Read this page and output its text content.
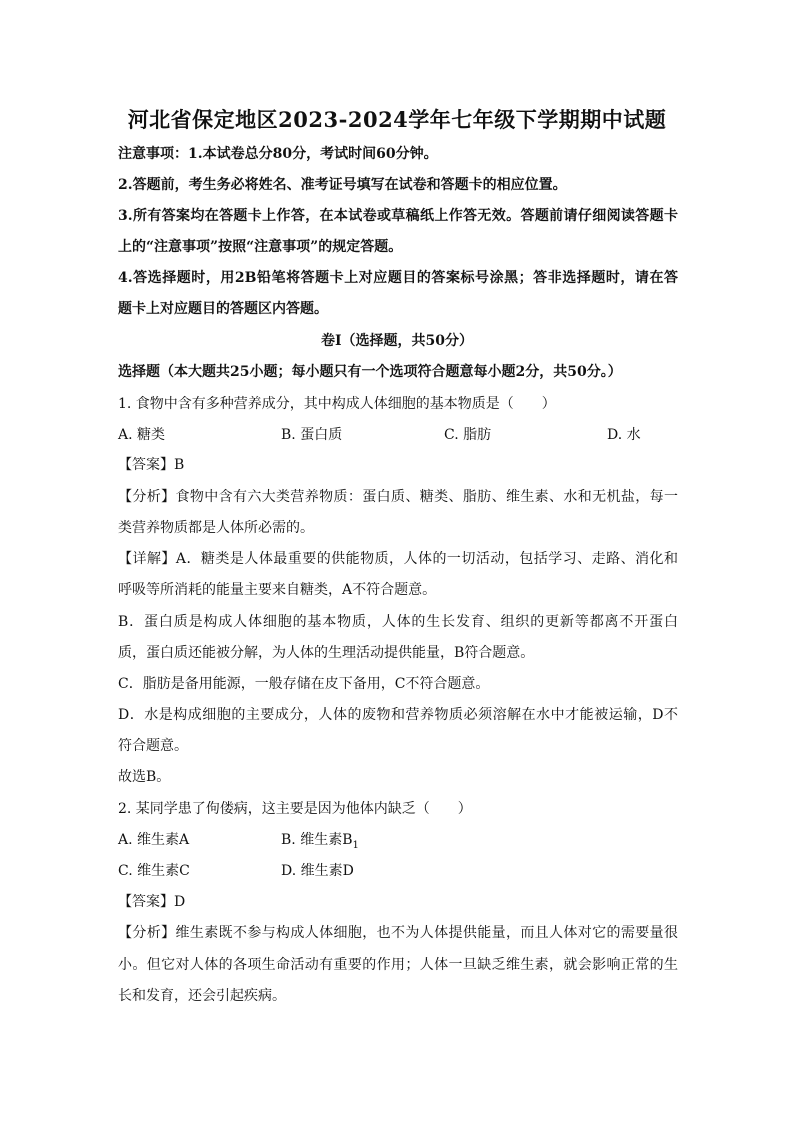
河北省保定地区2023-2024学年七年级下学期期中试题
注意事项：1.本试卷总分80分，考试时间60分钟。
2.答题前，考生务必将姓名、准考证号填写在试卷和答题卡的相应位置。
3.所有答案均在答题卡上作答，在本试卷或草稿纸上作答无效。答题前请仔细阅读答题卡
上的“注意事项”按照“注意事项”的规定答题。
4.答选择题时，用2B铅笔将答题卡上对应题目的答案标号涂黑；答非选择题时，请在答
题卡上对应题目的答题区内答题。
卷Ⅰ（选择题，共50分）
选择题（本大题共25小题；每小题只有一个选项符合题意每小题2分，共50分。）
1. 食物中含有多种营养成分，其中构成人体细胞的基本物质是（　　）
A. 糖类	B. 蛋白质	C. 脂肪	D. 水
【答案】B
【分析】食物中含有六大类营养物质：蛋白质、糖类、脂肪、维生素、水和无机盐，每一
类营养物质都是人体所必需的。
【详解】A．糖类是人体最重要的供能物质，人体的一切活动，包括学习、走路、消化和
呼吸等所消耗的能量主要来自糖类，A不符合题意。
B．蛋白质是构成人体细胞的基本物质，人体的生长发育、组织的更新等都离不开蛋白
质，蛋白质还能被分解，为人体的生理活动提供能量，B符合题意。
C．脂肪是备用能源，一般存储在皮下备用，C不符合题意。
D．水是构成细胞的主要成分，人体的废物和营养物质必须溶解在水中才能被运输，D不
符合题意。
故选B。
2. 某同学患了佝偻病，这主要是因为他体内缺乏（　　）
A. 维生素A	B. 维生素$B_1$
C. 维生素C	D. 维生素D
【答案】D
【分析】维生素既不参与构成人体细胞，也不为人体提供能量，而且人体对它的需要量很
小。但它对人体的各项生命活动有重要的作用；人体一旦缺乏维生素，就会影响正常的生
长和发育，还会引起疾病。
